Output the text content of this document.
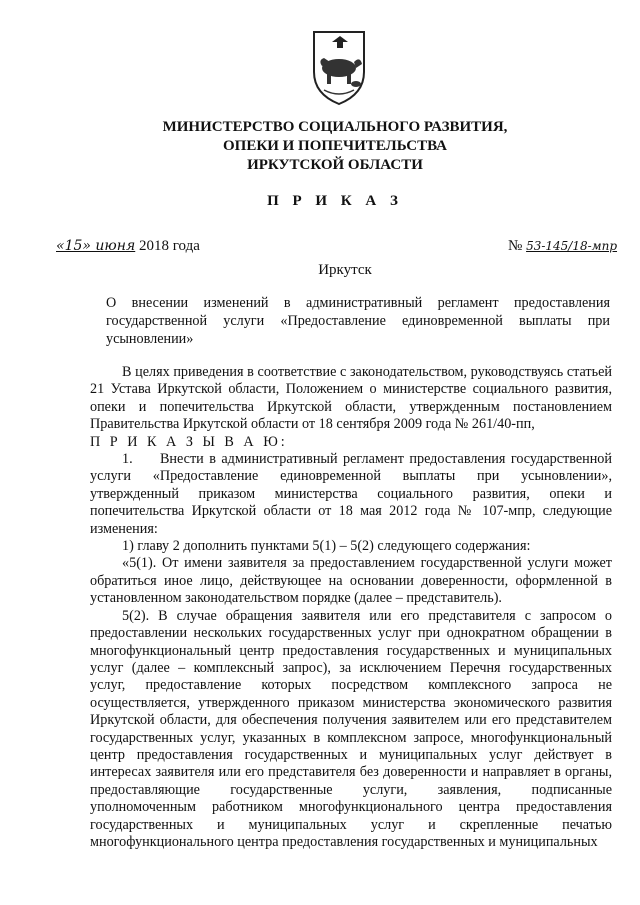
МИНИСТЕРСТВО СОЦИАЛЬНОГО РАЗВИТИЯ,
ОПЕКИ И ПОПЕЧИТЕЛЬСТВА
ИРКУТСКОЙ ОБЛАСТИ
П Р И К А З
«15» июня 2018 года	№ 53-145/18-мпр
Иркутск
О внесении изменений в административный регламент предоставления государственной услуги «Предоставление единовременной выплаты при усыновлении»

В целях приведения в соответствие с законодательством, руководствуясь статьей 21 Устава Иркутской области, Положением о министерстве социального развития, опеки и попечительства Иркутской области, утвержденным постановлением Правительства Иркутской области от 18 сентября 2009 года № 261/40-пп,

П Р И К А З Ы В А Ю:

1.     Внести в административный регламент предоставления государственной услуги «Предоставление единовременной выплаты при усыновлении», утвержденный приказом министерства социального развития, опеки и попечительства Иркутской области от 18 мая 2012 года № 107-мпр, следующие изменения:

1) главу 2 дополнить пунктами 5(1) – 5(2) следующего содержания:

«5(1). От имени заявителя за предоставлением государственной услуги может обратиться иное лицо, действующее на основании доверенности, оформленной в установленном законодательством порядке (далее – представитель).

5(2). В случае обращения заявителя или его представителя с запросом о предоставлении нескольких государственных услуг при однократном обращении в многофункциональный центр предоставления государственных и муниципальных услуг (далее – комплексный запрос), за исключением Перечня государственных услуг, предоставление которых посредством комплексного запроса не осуществляется, утвержденного приказом министерства экономического развития Иркутской области, для обеспечения получения заявителем или его представителем государственных услуг, указанных в комплексном запросе, многофункциональный центр предоставления государственных и муниципальных услуг действует в интересах заявителя или его представителя без доверенности и направляет в органы, предоставляющие государственные услуги, заявления, подписанные уполномоченным работником многофункционального центра предоставления государственных и муниципальных услуг и скрепленные печатью многофункционального центра предоставления государственных и муниципальных
